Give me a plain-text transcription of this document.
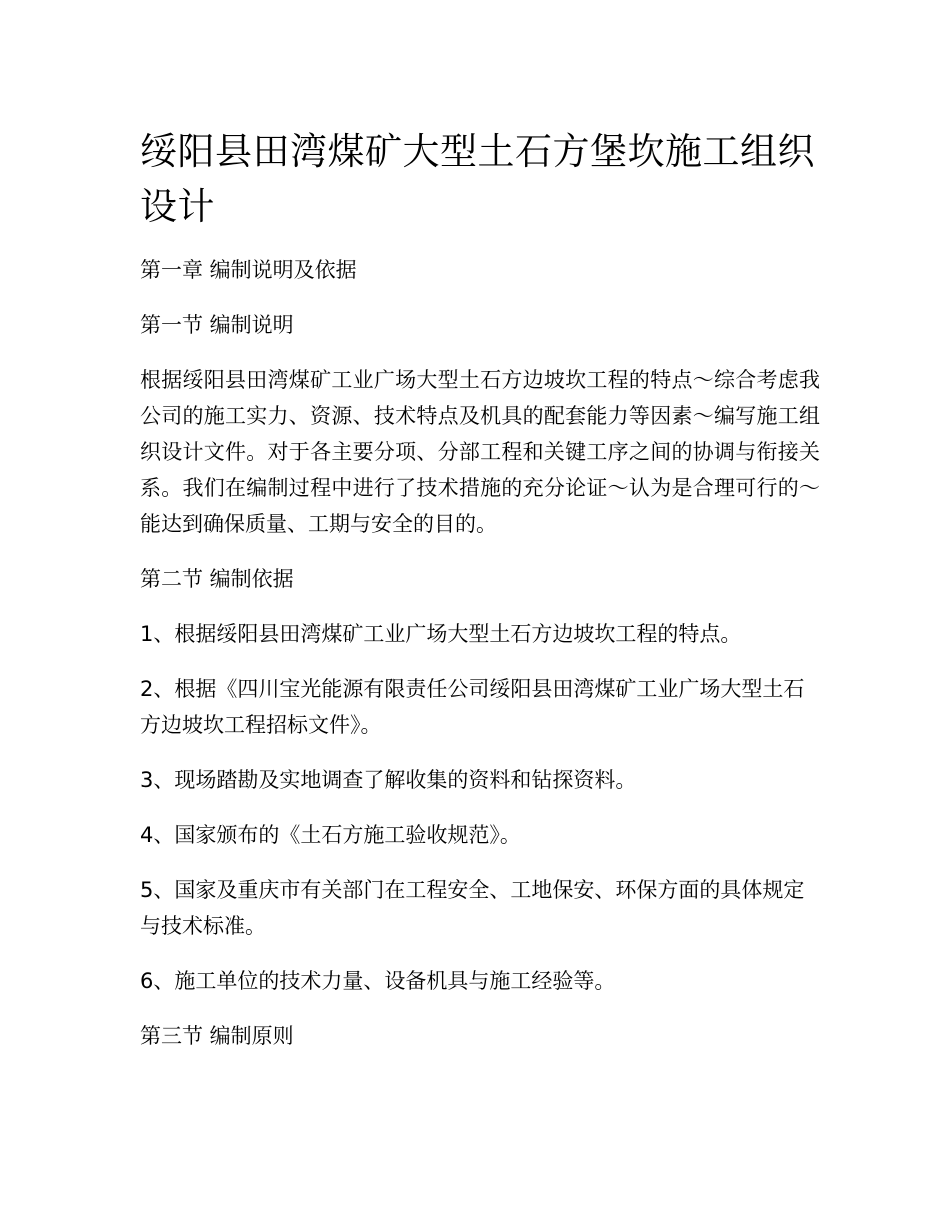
绥阳县田湾煤矿大型土石方堡坎施工组织设计
第一章 编制说明及依据
第一节 编制说明
根据绥阳县田湾煤矿工业广场大型土石方边坡坎工程的特点～综合考虑我公司的施工实力、资源、技术特点及机具的配套能力等因素～编写施工组织设计文件。对于各主要分项、分部工程和关键工序之间的协调与衔接关系。我们在编制过程中进行了技术措施的充分论证～认为是合理可行的～能达到确保质量、工期与安全的目的。
第二节 编制依据
1、根据绥阳县田湾煤矿工业广场大型土石方边坡坎工程的特点。
2、根据《四川宝光能源有限责任公司绥阳县田湾煤矿工业广场大型土石方边坡坎工程招标文件》。
3、现场踏勘及实地调查了解收集的资料和钻探资料。
4、国家颁布的《土石方施工验收规范》。
5、国家及重庆市有关部门在工程安全、工地保安、环保方面的具体规定与技术标准。
6、施工单位的技术力量、设备机具与施工经验等。
第三节 编制原则
